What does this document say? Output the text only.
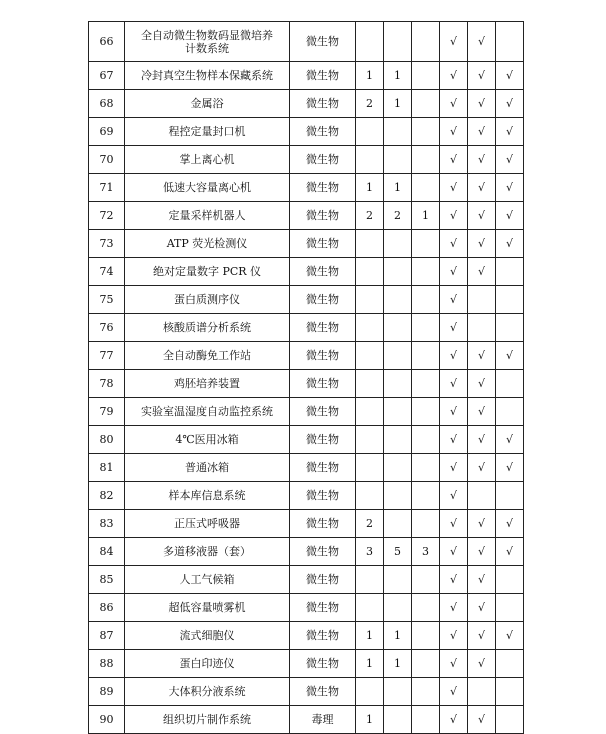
66	全自动微生物数码显微培养计数系统	微生物				√	√	
67	冷封真空生物样本保藏系统	微生物	1	1		√	√	√
68	金属浴	微生物	2	1		√	√	√
69	程控定量封口机	微生物				√	√	√
70	掌上离心机	微生物				√	√	√
71	低速大容量离心机	微生物	1	1		√	√	√
72	定量采样机器人	微生物	2	2	1	√	√	√
73	ATP 荧光检测仪	微生物				√	√	√
74	绝对定量数字 PCR 仪	微生物				√	√	
75	蛋白质测序仪	微生物				√		
76	核酸质谱分析系统	微生物				√		
77	全自动酶免工作站	微生物				√	√	√
78	鸡胚培养装置	微生物				√	√	
79	实验室温湿度自动监控系统	微生物				√	√	
80	4℃医用冰箱	微生物				√	√	√
81	普通冰箱	微生物				√	√	√
82	样本库信息系统	微生物				√		
83	正压式呼吸器	微生物	2			√	√	√
84	多道移液器（套）	微生物	3	5	3	√	√	√
85	人工气候箱	微生物				√	√	
86	超低容量喷雾机	微生物				√	√	
87	流式细胞仪	微生物	1	1		√	√	√
88	蛋白印迹仪	微生物	1	1		√	√	
89	大体积分液系统	微生物				√		
90	组织切片制作系统	毒理	1			√	√	
